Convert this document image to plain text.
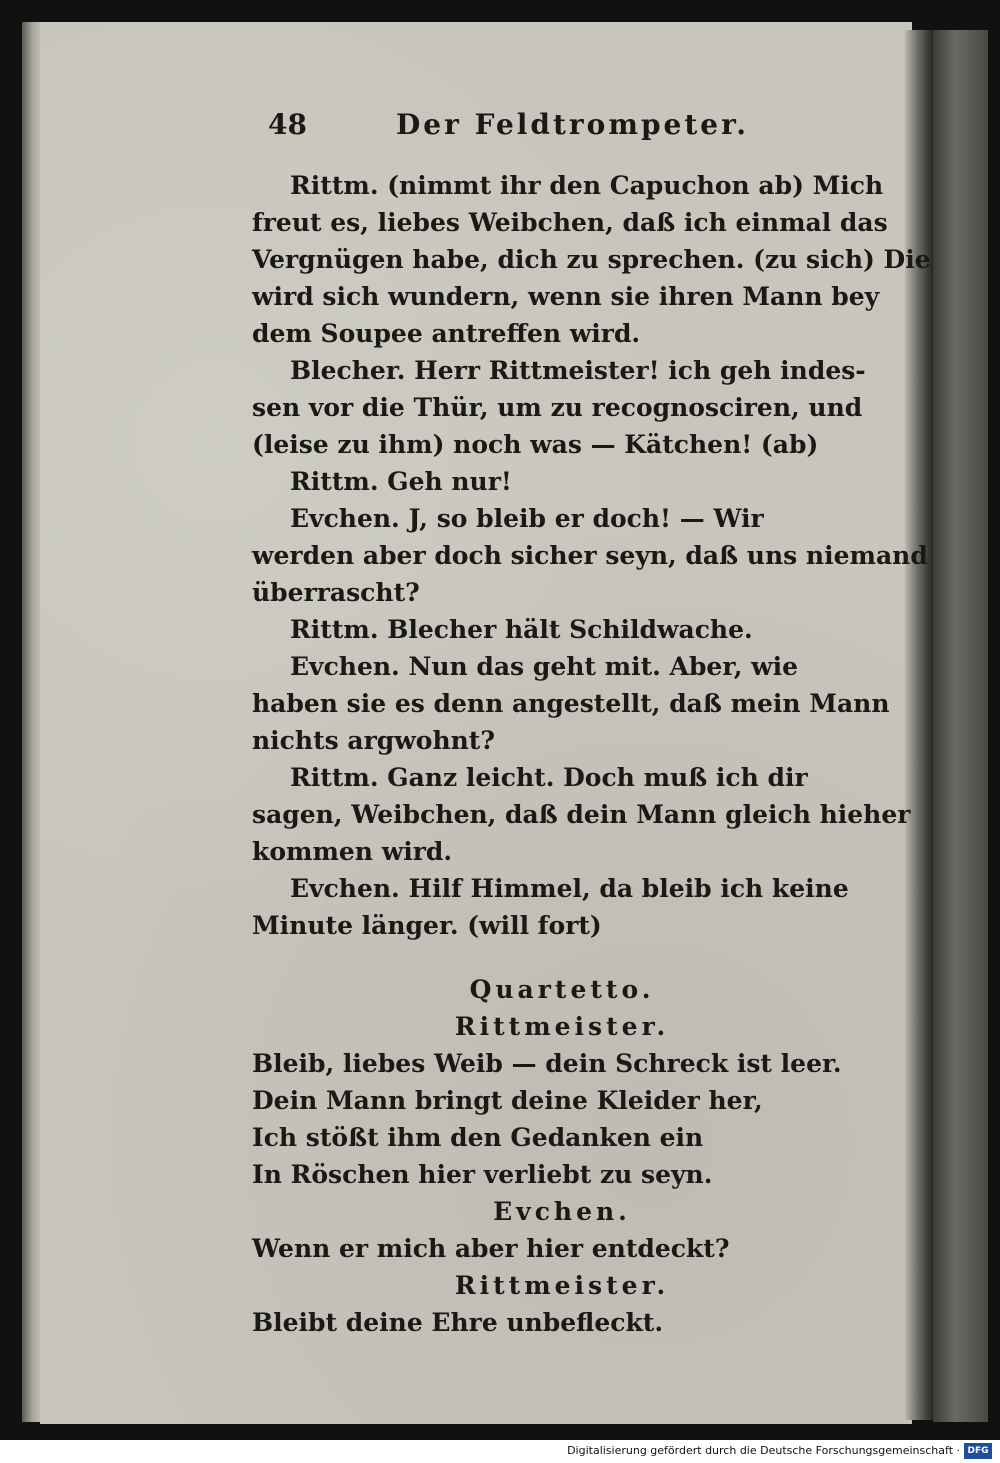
48	Der Feldtrompeter.
Rittm. (nimmt ihr den Capuchon ab) Mich
freut es, liebes Weibchen, daß ich einmal das
Vergnügen habe, dich zu sprechen. (zu sich) Die
wird sich wundern, wenn sie ihren Mann bey
dem Soupee antreffen wird.
Blecher. Herr Rittmeister! ich geh indes-
sen vor die Thür, um zu recognosciren, und
(leise zu ihm) noch was — Kätchen! (ab)
Rittm. Geh nur!
Evchen. J, so bleib er doch! — Wir
werden aber doch sicher seyn, daß uns niemand
überrascht?
Rittm. Blecher hält Schildwache.
Evchen. Nun das geht mit. Aber, wie
haben sie es denn angestellt, daß mein Mann
nichts argwohnt?
Rittm. Ganz leicht. Doch muß ich dir
sagen, Weibchen, daß dein Mann gleich hieher
kommen wird.
Evchen. Hilf Himmel, da bleib ich keine
Minute länger. (will fort)
Quartetto.
Rittmeister.
Bleib, liebes Weib — dein Schreck ist leer.
Dein Mann bringt deine Kleider her,
Ich stößt ihm den Gedanken ein
In Röschen hier verliebt zu seyn.
Evchen.
Wenn er mich aber hier entdeckt?
Rittmeister.
Bleibt deine Ehre unbefleckt.
Digitalisierung gefördert durch die Deutsche Forschungsgemeinschaft · DFG
